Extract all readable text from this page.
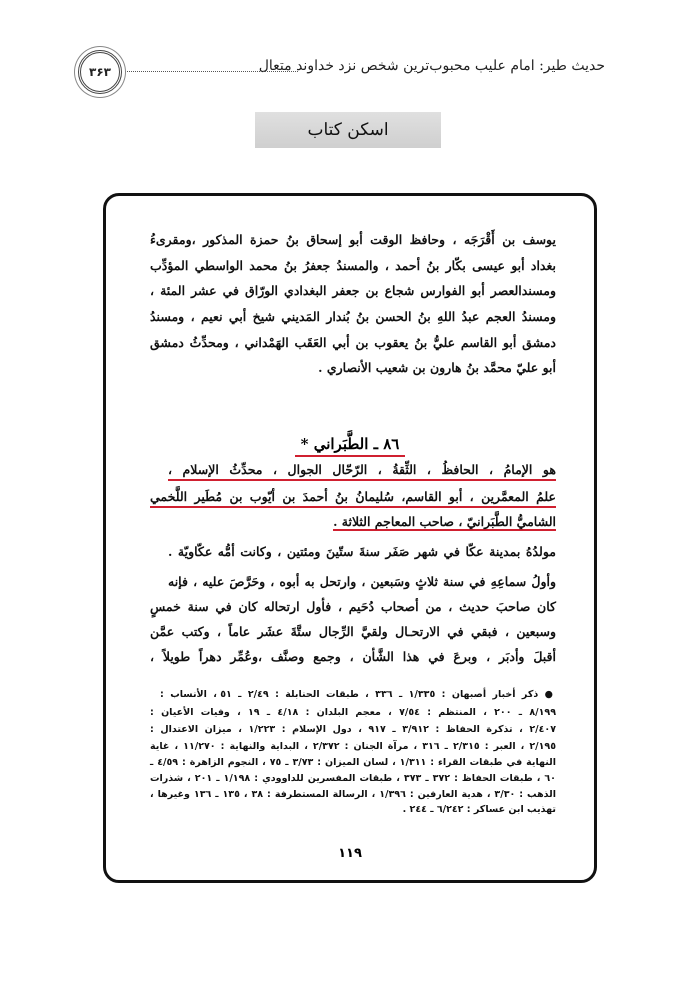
حدیث طیر: امام علیب محبوب‌ترین شخص نزد خداوند متعال
۳۶۳
اسکن کتاب
يوسف بن أَقْرَجَه ، وحافظ الوقت أبو إسحاق بنُ حمزة المذكور ،ومقرىءُ
بغداد أبو عيسى بكّار بنُ أحمد ، والمسندُ جعفرُ بنُ محمد الواسطي المؤدِّب
ومسندالعصر أبو الفوارس شجاع بن جعفر البغدادي الورّاق في عشر المئة ،
ومسندُ العجم عبدُ اللهِ بنُ الحسن بنُ بُندار المَديني شيخ أبي نعيم ، ومسندُ
دمشق أبو القاسم عليُّ بنُ يعقوب بن أبي العَقَب الهَمْداني ، ومحدِّثُ دمشق
أبو عليّ محمَّد بنُ هارون بن شعيب الأنصاري .
٨٦ ـ الطَّبَراني *
هو الإمامُ ، الحافظُ ، الثِّقةُ ، الرّحّال الجوال ، محدِّثُ الإسلام ،
علمُ المعمَّرين ، أبو القاسم، سُليمانُ بنُ أحمدَ بن أيّوب بن مُطَير اللَّخمي
الشاميُّ الطَّبَرانيّ ، صاحب المعاجم الثلاثة .
مولدُهُ بمدينة عكّا في شهر صَفَر سنةَ ستّينَ ومئتين ، وكانت أمُّه عكّاويّة .
وأولُ سماعِهِ في سنة ثلاثٍ وسَبعين ، وارتحل به أبوه ، وحَرَّصَ عليه ، فإنه
كان صاحبَ حديث ، من أصحاب دُحَيم ، فأول ارتحاله كان في سنة خمسٍ
وسبعين ، فبقي في الارتحـال ولقيَّ الرِّجال ستَّةَ عشَر عاماً ، وكتب عمَّن
أقبلَ وأدبَر ، وبرعَ في هذا الشَّأن ، وجمع وصنَّف ،وعُمِّر دهراً طويلاً ،
● ذكر أخبار أصبهان : ١/٣٣٥ ـ ٣٣٦ ، طبقات الحنابلة : ٢/٤٩ ـ ٥١ ، الأنساب :
٨/١٩٩ ـ ٢٠٠ ، المنتظم : ٧/٥٤ ، معجم البلدان : ٤/١٨ ـ ١٩ ، وفيات الأعيان :
٢/٤٠٧ ، تذكرة الحفاظ : ٣/٩١٢ ـ ٩١٧ ، دول الإسلام : ١/٢٢٣ ، ميزان الاعتدال :
٢/١٩٥ ، العبر : ٢/٣١٥ ـ ٣١٦ ، مرآة الجنان : ٢/٣٧٢ ، البداية والنهاية : ١١/٢٧٠ ، غاية
النهاية في طبقات القراء : ١/٣١١ ، لسان الميزان : ٣/٧٣ ـ ٧٥ ، النجوم الزاهرة : ٤/٥٩ ـ
٦٠ ، طبقات الحفاظ : ٣٧٢ ـ ٣٧٣ ، طبقات المفسرين للداوودي : ١/١٩٨ ـ ٢٠١ ، شذرات
الذهب : ٣/٣٠ ، هدية العارفين : ١/٣٩٦ ، الرسالة المستطرفة : ٣٨ ، ١٣٥ ـ ١٣٦ وغيرها ،
تهذيب ابن عساكر : ٦/٢٤٢ ـ ٢٤٤ .
١١٩
